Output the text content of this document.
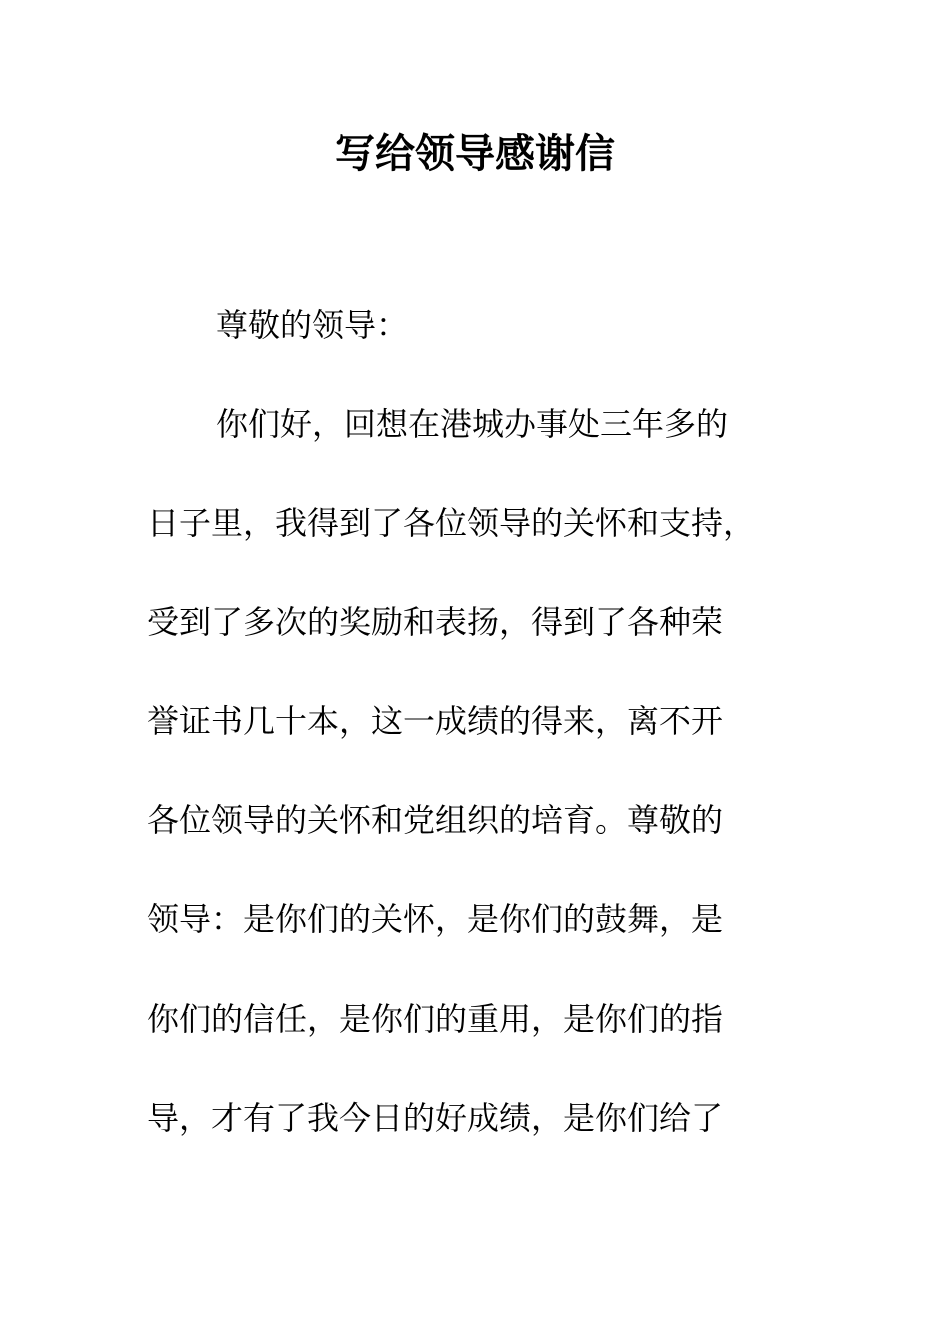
写给领导感谢信
尊敬的领导：
你们好，回想在港城办事处三年多的
日子里，我得到了各位领导的关怀和支持，
受到了多次的奖励和表扬，得到了各种荣
誉证书几十本，这一成绩的得来，离不开
各位领导的关怀和党组织的培育。尊敬的
领导：是你们的关怀，是你们的鼓舞，是
你们的信任，是你们的重用，是你们的指
导，才有了我今日的好成绩，是你们给了
